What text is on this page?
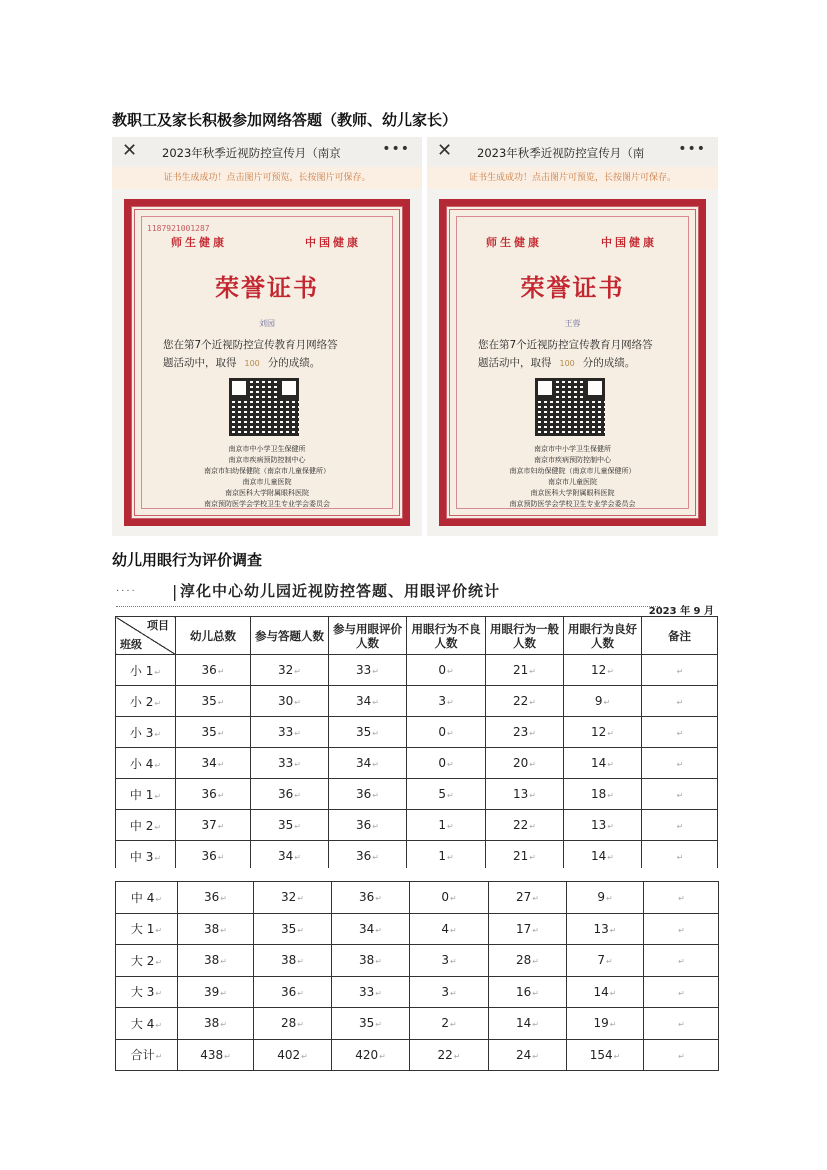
教职工及家长积极参加网络答题（教师、幼儿家长）
✕ 2023年秋季近视防控宣传月（南京	•••
证书生成成功！点击图片可预览，长按图片可保存。
1187921001287
师生健康	中国健康
荣誉证书
刘园
您在第7个近视防控宣传教育月网络答
题活动中，取得 100 分的成绩。
南京市中小学卫生保健所
南京市疾病预防控制中心
南京市妇幼保健院（南京市儿童保健所）
南京市儿童医院
南京医科大学附属眼科医院
南京预防医学会学校卫生专业学会委员会
✕ 2023年秋季近视防控宣传月（南	•••
证书生成成功！点击图片可预览，长按图片可保存。
师生健康	中国健康
荣誉证书
王蓉
您在第7个近视防控宣传教育月网络答
题活动中，取得 100 分的成绩。
南京市中小学卫生保健所
南京市疾病预防控制中心
南京市妇幼保健院（南京市儿童保健所）
南京市儿童医院
南京医科大学附属眼科医院
南京预防医学会学校卫生专业学会委员会
幼儿用眼行为评价调查
···· | 淳化中心幼儿园近视防控答题、用眼评价统计
2023 年 9 月
项目
班级	幼儿总数	参与答题人数	参与用眼评价人数	用眼行为不良人数	用眼行为一般人数	用眼行为良好人数	备注
小 1↵	36↵	32↵	33↵	0↵	21↵	12↵	↵
小 2↵	35↵	30↵	34↵	3↵	22↵	9↵	↵
小 3↵	35↵	33↵	35↵	0↵	23↵	12↵	↵
小 4↵	34↵	33↵	34↵	0↵	20↵	14↵	↵
中 1↵	36↵	36↵	36↵	5↵	13↵	18↵	↵
中 2↵	37↵	35↵	36↵	1↵	22↵	13↵	↵
中 3↵	36↵	34↵	36↵	1↵	21↵	14↵	↵
中 4↵	36↵	32↵	36↵	0↵	27↵	9↵	↵
大 1↵	38↵	35↵	34↵	4↵	17↵	13↵	↵
大 2↵	38↵	38↵	38↵	3↵	28↵	7↵	↵
大 3↵	39↵	36↵	33↵	3↵	16↵	14↵	↵
大 4↵	38↵	28↵	35↵	2↵	14↵	19↵	↵
合计↵	438↵	402↵	420↵	22↵	24↵	154↵	↵
